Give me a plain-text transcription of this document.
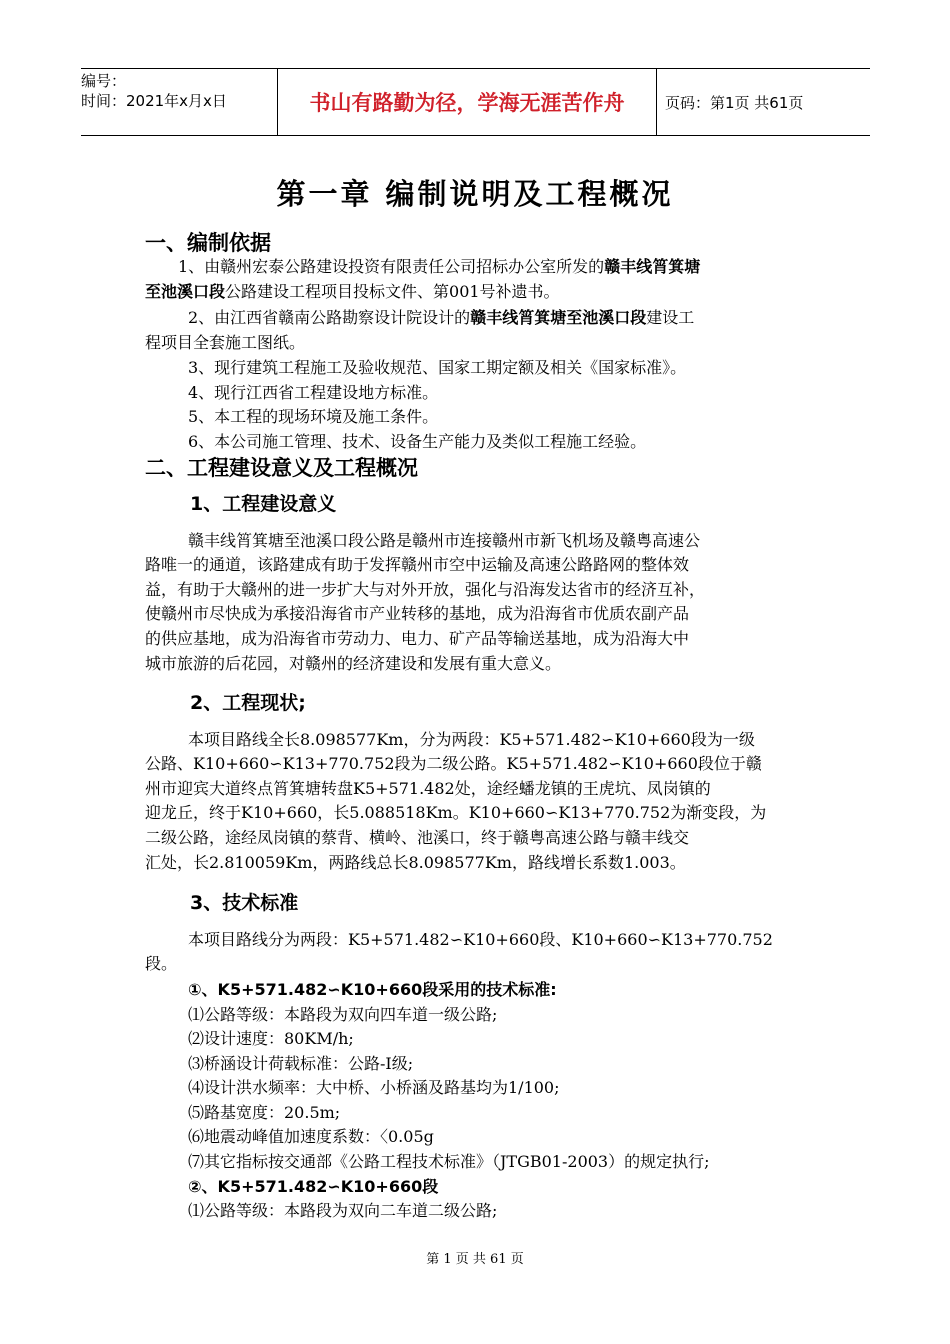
编号：
时间：2021年x月x日	书山有路勤为径，学海无涯苦作舟	页码：第1页 共61页
第一章 编制说明及工程概况
一、编制依据
1、由赣州宏泰公路建设投资有限责任公司招标办公室所发的赣丰线筲箕塘
至池溪口段公路建设工程项目投标文件、第001号补遗书。
2、由江西省赣南公路勘察设计院设计的赣丰线筲箕塘至池溪口段建设工
程项目全套施工图纸。
3、现行建筑工程施工及验收规范、国家工期定额及相关《国家标准》。
4、现行江西省工程建设地方标准。
5、本工程的现场环境及施工条件。
6、本公司施工管理、技术、设备生产能力及类似工程施工经验。
二、工程建设意义及工程概况
1、工程建设意义
赣丰线筲箕塘至池溪口段公路是赣州市连接赣州市新飞机场及赣粤高速公
路唯一的通道，该路建成有助于发挥赣州市空中运输及高速公路路网的整体效
益，有助于大赣州的进一步扩大与对外开放，强化与沿海发达省市的经济互补，
使赣州市尽快成为承接沿海省市产业转移的基地，成为沿海省市优质农副产品
的供应基地，成为沿海省市劳动力、电力、矿产品等输送基地，成为沿海大中
城市旅游的后花园，对赣州的经济建设和发展有重大意义。
2、工程现状;
本项目路线全长8.098577Km，分为两段：K5+571.482∽K10+660段为一级
公路、K10+660∽K13+770.752段为二级公路。K5+571.482∽K10+660段位于赣
州市迎宾大道终点筲箕塘转盘K5+571.482处，途经蟠龙镇的王虎坑、凤岗镇的
迎龙丘，终于K10+660，长5.088518Km。K10+660∽K13+770.752为渐变段，为
二级公路，途经凤岗镇的蔡背、横岭、池溪口，终于赣粤高速公路与赣丰线交
汇处，长2.810059Km，两路线总长8.098577Km，路线增长系数1.003。
3、技术标准
本项目路线分为两段：K5+571.482∽K10+660段、K10+660∽K13+770.752
段。
①、K5+571.482∽K10+660段采用的技术标准:
⑴公路等级：本路段为双向四车道一级公路;
⑵设计速度：80KM/h;
⑶桥涵设计荷载标准：公路-Ⅰ级;
⑷设计洪水频率：大中桥、小桥涵及路基均为1/100;
⑸路基宽度：20.5m;
⑹地震动峰值加速度系数：〈0.05g
⑺其它指标按交通部《公路工程技术标准》（JTGB01-2003）的规定执行;
②、K5+571.482∽K10+660段
⑴公路等级：本路段为双向二车道二级公路;
第 1 页 共 61 页
